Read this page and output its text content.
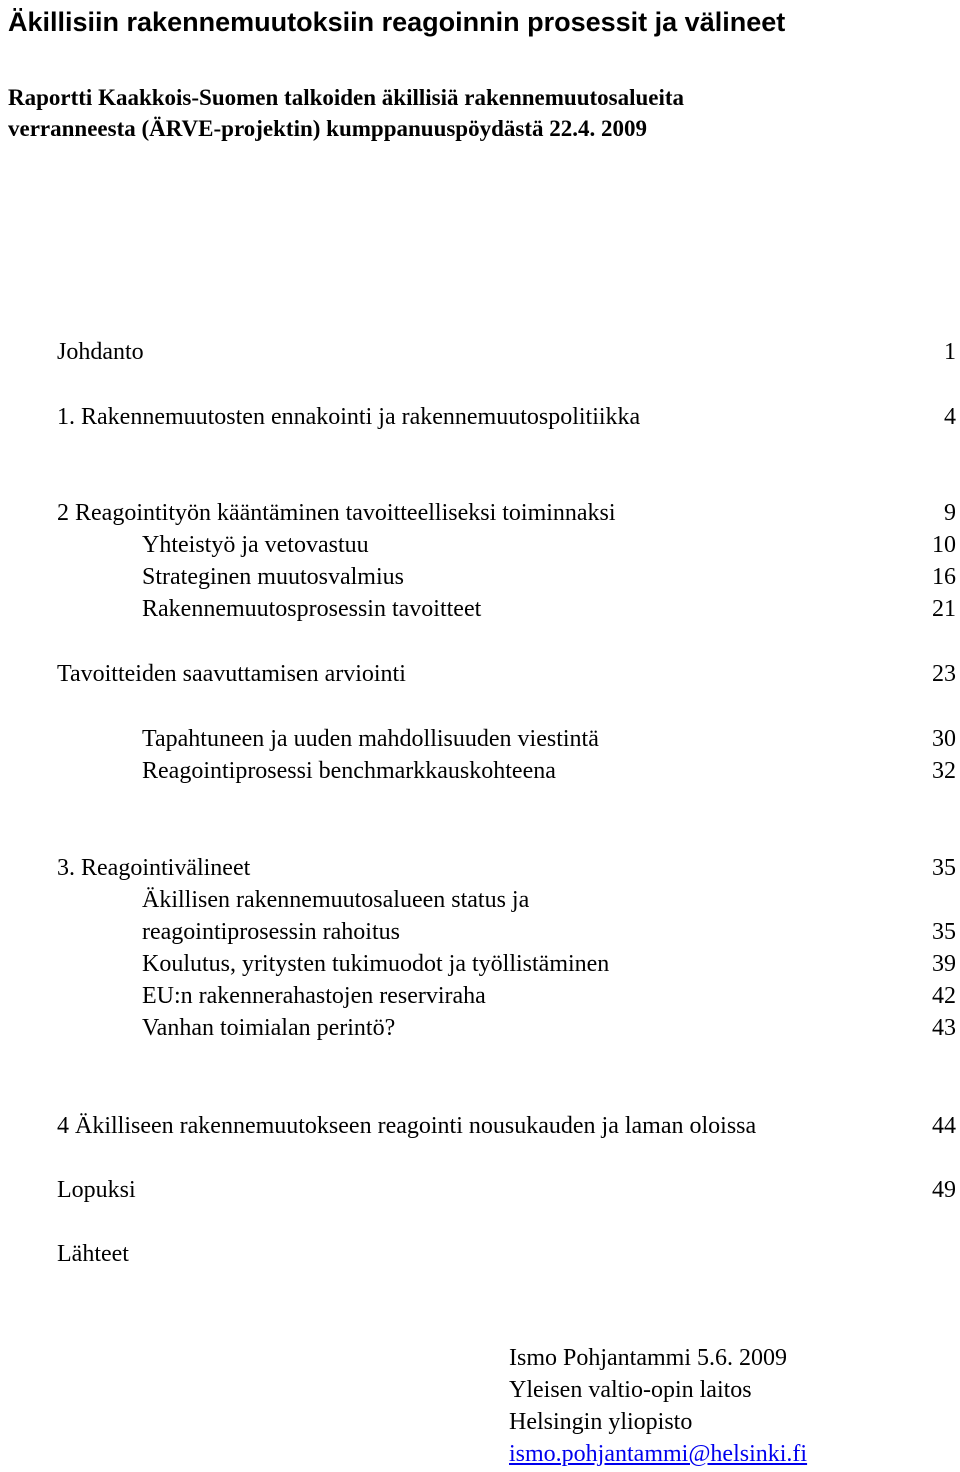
Äkillisiin rakennemuutoksiin reagoinnin prosessit ja välineet
Raportti Kaakkois-Suomen talkoiden äkillisiä rakennemuutosalueita
verranneesta (ÄRVE-projektin) kumppanuuspöydästä 22.4. 2009
Johdanto	1
1. Rakennemuutosten ennakointi ja rakennemuutospolitiikka	4
2 Reagointityön kääntäminen tavoitteelliseksi toiminnaksi	9
Yhteistyö ja vetovastuu	10
Strateginen muutosvalmius	16
Rakennemuutosprosessin tavoitteet	21
Tavoitteiden saavuttamisen arviointi	23
Tapahtuneen ja uuden mahdollisuuden viestintä	30
Reagointiprosessi benchmarkkauskohteena	32
3. Reagointivälineet	35
Äkillisen rakennemuutosalueen status ja
reagointiprosessin rahoitus	35
Koulutus, yritysten tukimuodot ja työllistäminen	39
EU:n rakennerahastojen reserviraha	42
Vanhan toimialan perintö?	43
4 Äkilliseen rakennemuutokseen reagointi nousukauden ja laman oloissa	44
Lopuksi	49
Lähteet
Ismo Pohjantammi 5.6. 2009
Yleisen valtio-opin laitos
Helsingin yliopisto
ismo.pohjantammi@helsinki.fi
